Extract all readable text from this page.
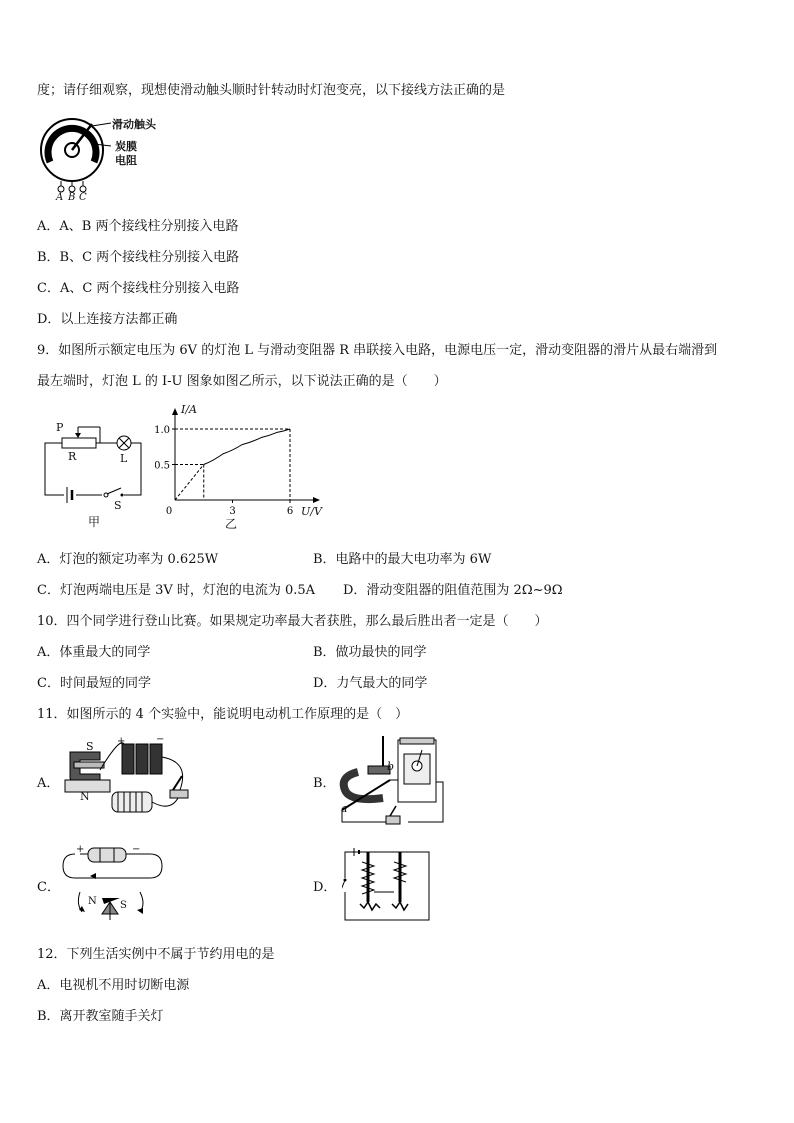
度；请仔细观察，现想使滑动触头顺时针转动时灯泡变亮，以下接线方法正确的是
滑动触头
炭膜
电阻
A B C
A．A、B 两个接线柱分别接入电路
B．B、C 两个接线柱分别接入电路
C．A、C 两个接线柱分别接入电路
D．以上连接方法都正确
9．如图所示额定电压为 6V 的灯泡 L 与滑动变阻器 R 串联接入电路，电源电压一定，滑动变阻器的滑片从最右端滑到
最左端时，灯泡 L 的 I-U 图象如图乙所示，以下说法正确的是（　　）
P
R	L
S
甲
0.5
1.0
0	3	6
I/A
U/V
乙
A．灯泡的额定功率为 0.625W	B．电路中的最大电功率为 6W
C．灯泡两端电压是 3V 时，灯泡的电流为 0.5A D．滑动变阻器的阻值范围为 2Ω~9Ω
10．四个同学进行登山比赛。如果规定功率最大者获胜，那么最后胜出者一定是（　　）
A．体重最大的同学	B．做功最快的同学
C．时间最短的同学	D．力气最大的同学
11．如图所示的 4 个实验中，能说明电动机工作原理的是（　）
A．
S
N
+	−
B．
a
b
C．
+	−
N S
D．
12．下列生活实例中不属于节约用电的是
A．电视机不用时切断电源
B．离开教室随手关灯
